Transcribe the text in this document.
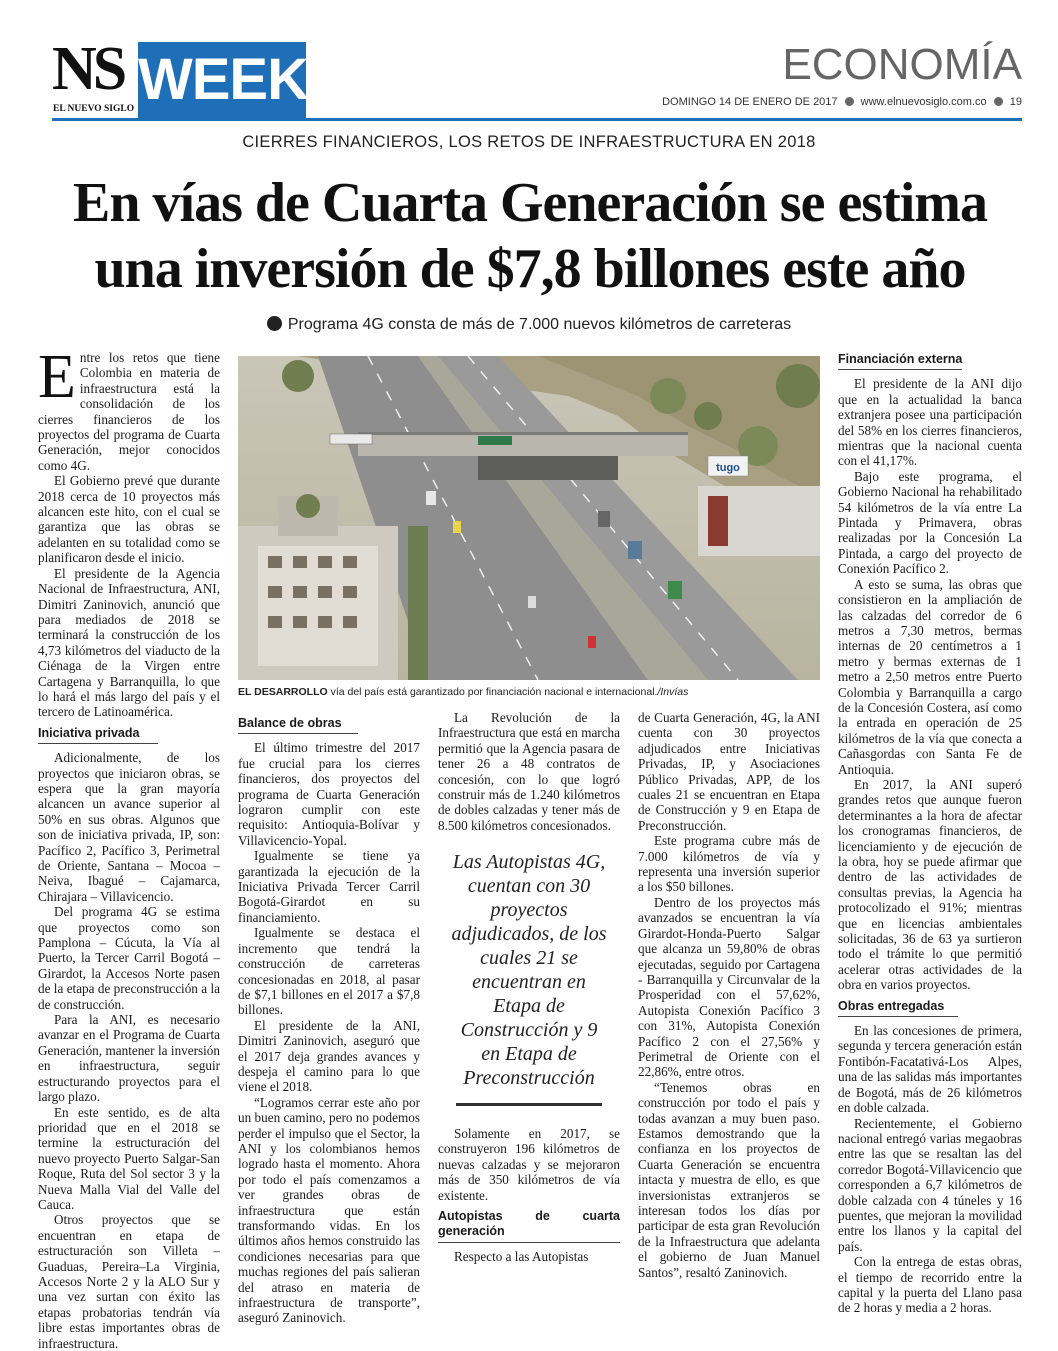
NS
EL NUEVO SIGLO WEEK	ECONOMÍA
DOMINGO 14 DE ENERO DE 2017 www.elnuevosiglo.com.co 19
CIERRES FINANCIEROS, LOS RETOS DE INFRAESTRUCTURA EN 2018
En vías de Cuarta Generación se estima
una inversión de $7,8 billones este año
Programa 4G consta de más de 7.000 nuevos kilómetros de carreteras

Entre los retos que tiene Colombia en materia de infraestructura está la consolidación de los cierres financieros de los proyectos del programa de Cuarta Generación, mejor conocidos como 4G.

El Gobierno prevé que durante 2018 cerca de 10 proyectos más alcancen este hito, con el cual se garantiza que las obras se adelanten en su totalidad como se planificaron desde el inicio.

El presidente de la Agencia Nacional de Infraestructura, ANI, Dimitri Zaninovich, anunció que para mediados de 2018 se terminará la construcción de los 4,73 kilómetros del viaducto de la Ciénaga de la Virgen entre Cartagena y Barranquilla, lo que lo hará el más largo del país y el tercero de Latinoamérica.

Iniciativa privada

Adicionalmente, de los proyectos que iniciaron obras, se espera que la gran mayoría alcancen un avance superior al 50% en sus obras. Algunos que son de iniciativa privada, IP, son: Pacífico 2, Pacífico 3, Perimetral de Oriente, Santana – Mocoa – Neiva, Ibagué – Cajamarca, Chirajara – Villavicencio.

Del programa 4G se estima que proyectos como son Pamplona – Cúcuta, la Vía al Puerto, la Tercer Carril Bogotá – Girardot, la Accesos Norte pasen de la etapa de preconstrucción a la de construcción.

Para la ANI, es necesario avanzar en el Programa de Cuarta Generación, mantener la inversión en infraestructura, seguir estructurando proyectos para el largo plazo.

En este sentido, es de alta prioridad que en el 2018 se termine la estructuración del nuevo proyecto Puerto Salgar-San Roque, Ruta del Sol sector 3 y la Nueva Malla Vial del Valle del Cauca.

Otros proyectos que se encuentran en etapa de estructuración son Villeta – Guaduas, Pereira–La Virginia, Accesos Norte 2 y la ALO Sur y una vez surtan con éxito las etapas probatorias tendrán vía libre estas importantes obras de infraestructura.

tugo
EL DESARROLLO vía del país está garantizado por financiación nacional e internacional./Invías
Balance de obras

El último trimestre del 2017 fue crucial para los cierres financieros, dos proyectos del programa de Cuarta Generación lograron cumplir con este requisito: Antioquia-Bolívar y Villavicencio-Yopal.

Igualmente se tiene ya garantizada la ejecución de la Iniciativa Privada Tercer Carril Bogotá-Girardot en su financiamiento.

Igualmente se destaca el incremento que tendrá la construcción de carreteras concesionadas en 2018, al pasar de $7,1 billones en el 2017 a $7,8 billones.

El presidente de la ANI, Dimitri Zaninovich, aseguró que el 2017 deja grandes avances y despeja el camino para lo que viene el 2018.

“Logramos cerrar este año por un buen camino, pero no podemos perder el impulso que el Sector, la ANI y los colombianos hemos logrado hasta el momento. Ahora por todo el país comenzamos a ver grandes obras de infraestructura que están transformando vidas. En los últimos años hemos construido las condiciones necesarias para que muchas regiones del país salieran del atraso en materia de infraestructura de transporte”, aseguró Zaninovich.

La Revolución de la Infraestructura que está en marcha permitió que la Agencia pasara de tener 26 a 48 contratos de concesión, con lo que logró construir más de 1.240 kilómetros de dobles calzadas y tener más de 8.500 kilómetros concesionados.

Las Autopistas 4G, cuentan con 30 proyectos adjudicados, de los cuales 21 se encuentran en Etapa de Construcción y 9 en Etapa de Preconstrucción

Solamente en 2017, se construyeron 196 kilómetros de nuevas calzadas y se mejoraron más de 350 kilómetros de vía existente.

Autopistas de cuarta generación

Respecto a las Autopistas

de Cuarta Generación, 4G, la ANI cuenta con 30 proyectos adjudicados entre Iniciativas Privadas, IP, y Asociaciones Público Privadas, APP, de los cuales 21 se encuentran en Etapa de Construcción y 9 en Etapa de Preconstrucción.

Este programa cubre más de 7.000 kilómetros de vía y representa una inversión superior a los $50 billones.

Dentro de los proyectos más avanzados se encuentran la vía Girardot-Honda-Puerto Salgar que alcanza un 59,80% de obras ejecutadas, seguido por Cartagena - Barranquilla y Circunvalar de la Prosperidad con el 57,62%, Autopista Conexión Pacífico 3 con 31%, Autopista Conexión Pacífico 2 con el 27,56% y Perimetral de Oriente con el 22,86%, entre otros.

“Tenemos obras en construcción por todo el país y todas avanzan a muy buen paso. Estamos demostrando que la confianza en los proyectos de Cuarta Generación se encuentra intacta y muestra de ello, es que inversionistas extranjeros se interesan todos los días por participar de esta gran Revolución de la Infraestructura que adelanta el gobierno de Juan Manuel Santos”, resaltó Zaninovich.

Financiación externa

El presidente de la ANI dijo que en la actualidad la banca extranjera posee una participación del 58% en los cierres financieros, mientras que la nacional cuenta con el 41,17%.

Bajo este programa, el Gobierno Nacional ha rehabilitado 54 kilómetros de la vía entre La Pintada y Primavera, obras realizadas por la Concesión La Pintada, a cargo del proyecto de Conexión Pacífico 2.

A esto se suma, las obras que consistieron en la ampliación de las calzadas del corredor de 6 metros a 7,30 metros, bermas internas de 20 centímetros a 1 metro y bermas externas de 1 metro a 2,50 metros entre Puerto Colombia y Barranquilla a cargo de la Concesión Costera, así como la entrada en operación de 25 kilómetros de la vía que conecta a Cañasgordas con Santa Fe de Antioquia.

En 2017, la ANI superó grandes retos que aunque fueron determinantes a la hora de afectar los cronogramas financieros, de licenciamiento y de ejecución de la obra, hoy se puede afirmar que dentro de las actividades de consultas previas, la Agencia ha protocolizado el 91%; mientras que en licencias ambientales solicitadas, 36 de 63 ya surtieron todo el trámite lo que permitió acelerar otras actividades de la obra en varios proyectos.

Obras entregadas

En las concesiones de primera, segunda y tercera generación están Fontibón-Facatativá-Los Alpes, una de las salidas más importantes de Bogotá, más de 26 kilómetros en doble calzada.

Recientemente, el Gobierno nacional entregó varias megaobras entre las que se resaltan las del corredor Bogotá-Villavicencio que corresponden a 6,7 kilómetros de doble calzada con 4 túneles y 16 puentes, que mejoran la movilidad entre los llanos y la capital del país.

Con la entrega de estas obras, el tiempo de recorrido entre la capital y la puerta del Llano pasa de 2 horas y media a 2 horas.
